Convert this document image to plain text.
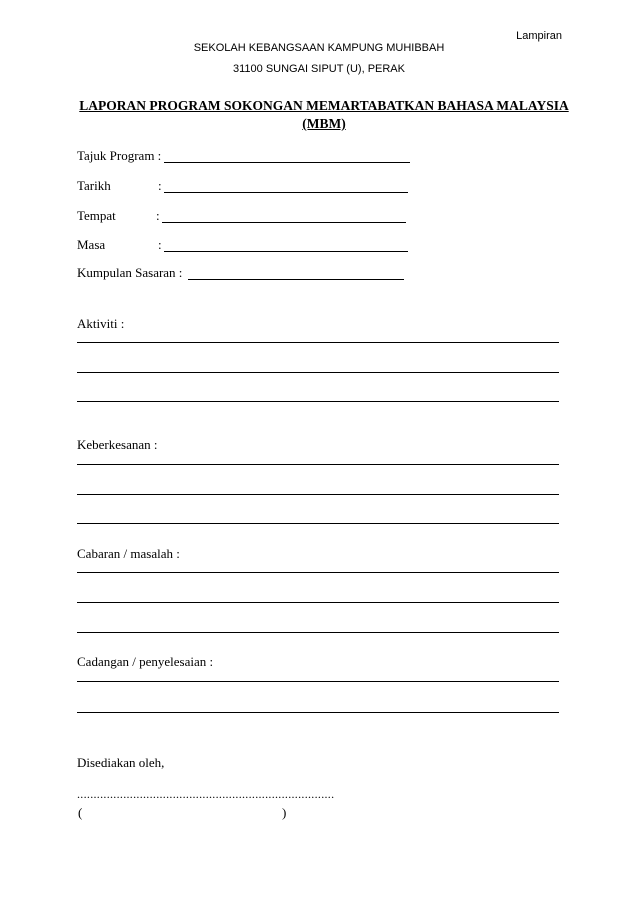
Lampiran
SEKOLAH KEBANGSAAN KAMPUNG MUHIBBAH
31100 SUNGAI SIPUT (U), PERAK
LAPORAN PROGRAM SOKONGAN MEMARTABATKAN BAHASA MALAYSIA
(MBM)
Tajuk Program :
Tarikh	:
Tempat	:
Masa	:
Kumpulan Sasaran :
Aktiviti :
Keberkesanan :
Cabaran / masalah :
Cadangan / penyelesaian :
Disediakan oleh,
..............................................................................
(	)
